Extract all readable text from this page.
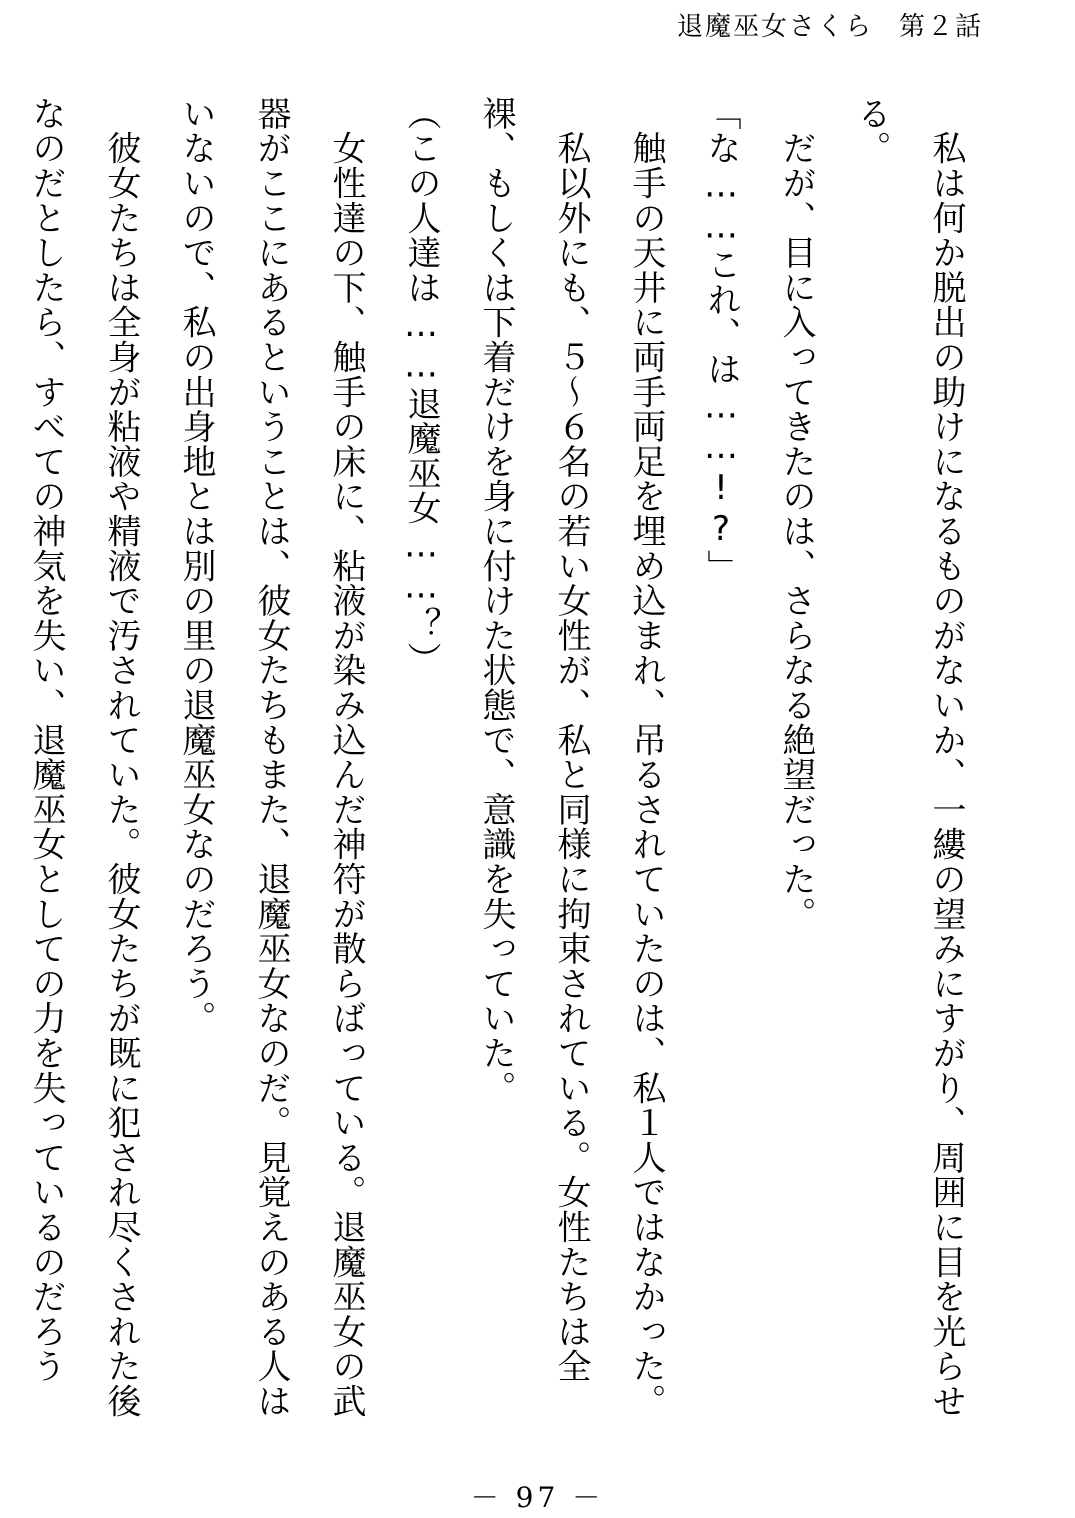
退魔巫女さくら 第２話

　私は何か脱出の助けになるものがないか、一縷の望みにすがり、周囲に目を光らせる。

　だが、目に入ってきたのは、さらなる絶望だった。

「な……これ、は……!?」

　触手の天井に両手両足を埋め込まれ、吊るされていたのは、私１人ではなかった。

　私以外にも、５～６名の若い女性が、私と同様に拘束されている。女性たちは全裸、もしくは下着だけを身に付けた状態で、意識を失っていた。

（この人達は……退魔巫女……？）

　女性達の下、触手の床に、粘液が染み込んだ神符が散らばっている。退魔巫女の武器がここにあるということは、彼女たちもまた、退魔巫女なのだ。見覚えのある人はいないので、私の出身地とは別の里の退魔巫女なのだろう。

　彼女たちは全身が粘液や精液で汚されていた。彼女たちが既に犯され尽くされた後なのだとしたら、すべての神気を失い、退魔巫女としての力を失っているのだろう

－ 97 －
